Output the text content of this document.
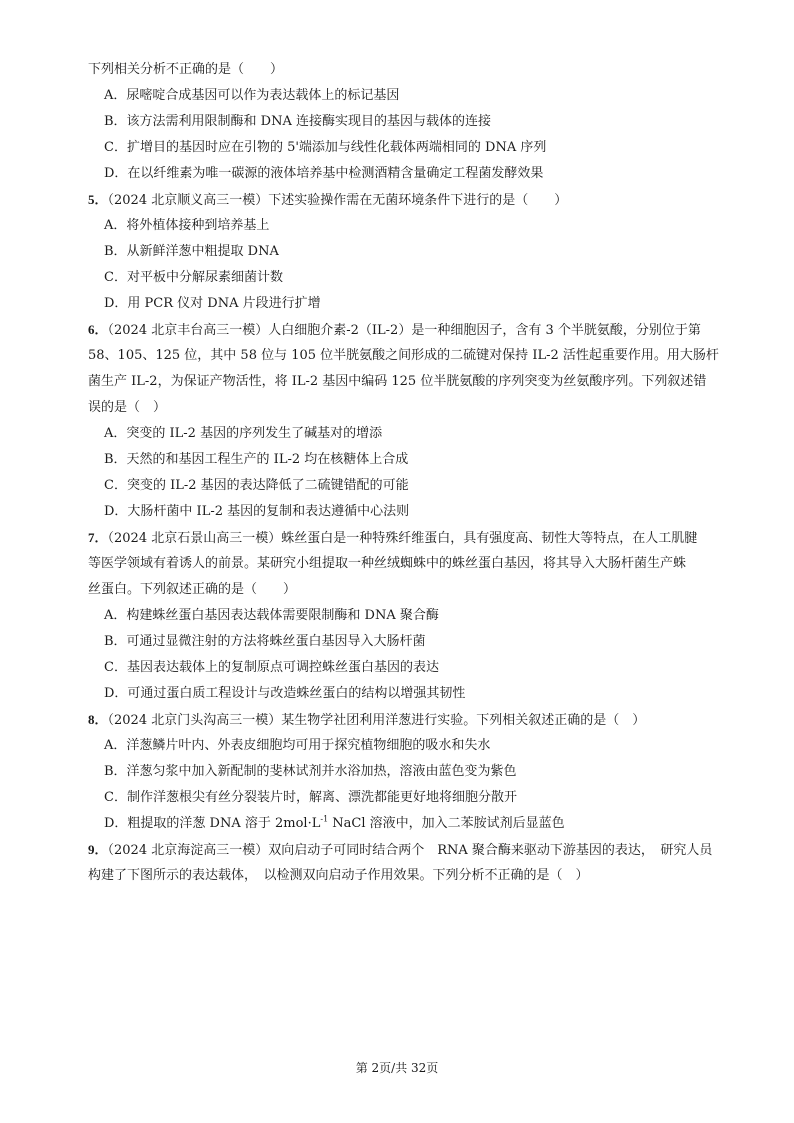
下列相关分析不正确的是（　　）
A．尿嘧啶合成基因可以作为表达载体上的标记基因
B．该方法需利用限制酶和 DNA 连接酶实现目的基因与载体的连接
C．扩增目的基因时应在引物的 5'端添加与线性化载体两端相同的 DNA 序列
D．在以纤维素为唯一碳源的液体培养基中检测酒精含量确定工程菌发酵效果
5．（2024 北京顺义高三一模）下述实验操作需在无菌环境条件下进行的是（　　）
A．将外植体接种到培养基上
B．从新鲜洋葱中粗提取 DNA
C．对平板中分解尿素细菌计数
D．用 PCR 仪对 DNA 片段进行扩增
6．（2024 北京丰台高三一模）人白细胞介素-2（IL-2）是一种细胞因子，含有 3 个半胱氨酸，分别位于第
58、105、125 位，其中 58 位与 105 位半胱氨酸之间形成的二硫键对保持 IL-2 活性起重要作用。用大肠杆
菌生产 IL-2，为保证产物活性，将 IL-2 基因中编码 125 位半胱氨酸的序列突变为丝氨酸序列。下列叙述错
误的是（　）
A．突变的 IL-2 基因的序列发生了碱基对的增添
B．天然的和基因工程生产的 IL-2 均在核糖体上合成
C．突变的 IL-2 基因的表达降低了二硫键错配的可能
D．大肠杆菌中 IL-2 基因的复制和表达遵循中心法则
7．（2024 北京石景山高三一模）蛛丝蛋白是一种特殊纤维蛋白，具有强度高、韧性大等特点，在人工肌腱
等医学领域有着诱人的前景。某研究小组提取一种丝绒蜘蛛中的蛛丝蛋白基因，将其导入大肠杆菌生产蛛
丝蛋白。下列叙述正确的是（　　）
A．构建蛛丝蛋白基因表达载体需要限制酶和 DNA 聚合酶
B．可通过显微注射的方法将蛛丝蛋白基因导入大肠杆菌
C．基因表达载体上的复制原点可调控蛛丝蛋白基因的表达
D．可通过蛋白质工程设计与改造蛛丝蛋白的结构以增强其韧性
8．（2024 北京门头沟高三一模）某生物学社团利用洋葱进行实验。下列相关叙述正确的是（　）
A．洋葱鳞片叶内、外表皮细胞均可用于探究植物细胞的吸水和失水
B．洋葱匀浆中加入新配制的斐林试剂并水浴加热，溶液由蓝色变为紫色
C．制作洋葱根尖有丝分裂装片时，解离、漂洗都能更好地将细胞分散开
D．粗提取的洋葱 DNA 溶于 $2mol\cdot L^{-1}$ NaCl 溶液中，加入二苯胺试剂后显蓝色
9．（2024 北京海淀高三一模）双向启动子可同时结合两个　RNA 聚合酶来驱动下游基因的表达，　研究人员
构建了下图所示的表达载体，　以检测双向启动子作用效果。下列分析不正确的是（　）
第 2页/共 32页
